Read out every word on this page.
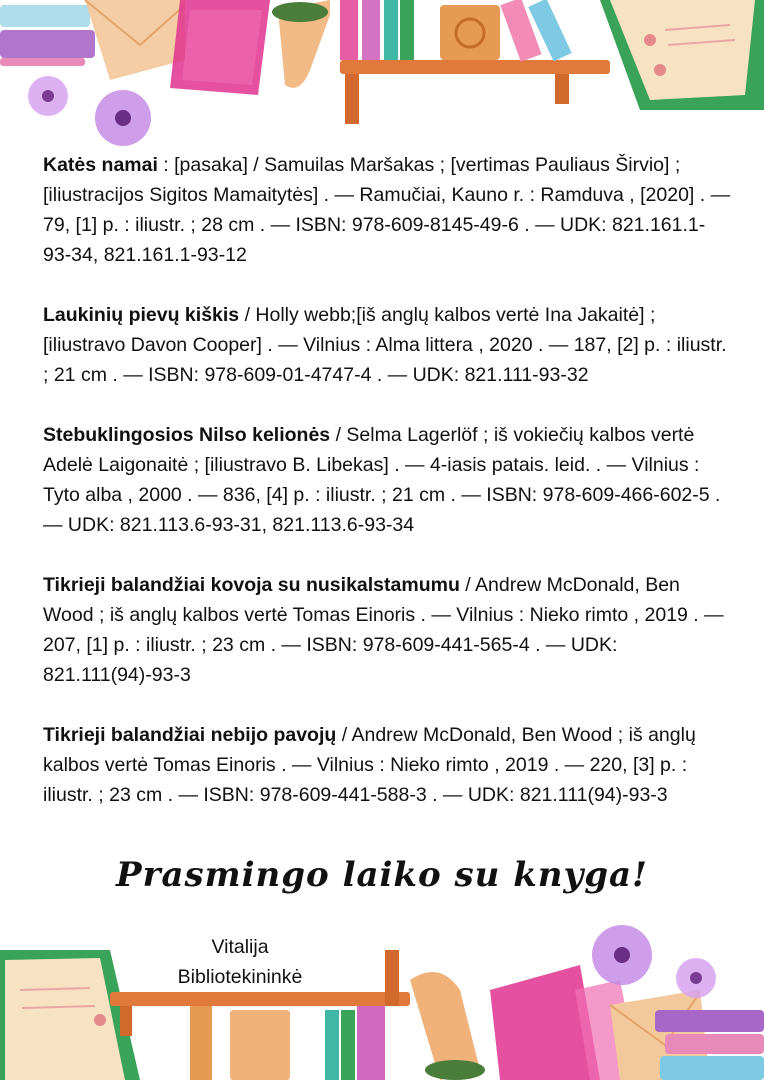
Katės namai : [pasaka] / Samuilas Maršakas ; [vertimas Pauliaus Širvio] ; [iliustracijos Sigitos Mamaitytės] . — Ramučiai, Kauno r. : Ramduva , [2020] . — 79, [1] p. : iliustr. ; 28 cm . — ISBN: 978-609-8145-49-6 . — UDK: 821.161.1-93-34, 821.161.1-93-12

Laukinių pievų kiškis / Holly webb;[iš anglų kalbos vertė Ina Jakaitė] ; [iliustravo Davon Cooper] . — Vilnius : Alma littera , 2020 . — 187, [2] p. : iliustr. ; 21 cm . — ISBN: 978-609-01-4747-4 . — UDK: 821.111-93-32

Stebuklingosios Nilso kelionės / Selma Lagerlöf ; iš vokiečių kalbos vertė Adelė Laigonaitė ; [iliustravo B. Libekas] . — 4-iasis patais. leid. . — Vilnius : Tyto alba , 2000 . — 836, [4] p. : iliustr. ; 21 cm . — ISBN: 978-609-466-602-5 . — UDK: 821.113.6-93-31, 821.113.6-93-34

Tikrieji balandžiai kovoja su nusikalstamumu / Andrew McDonald, Ben Wood ; iš anglų kalbos vertė Tomas Einoris . — Vilnius : Nieko rimto , 2019 . — 207, [1] p. : iliustr. ; 23 cm . — ISBN: 978-609-441-565-4 . — UDK: 821.111(94)-93-3

Tikrieji balandžiai nebijo pavojų / Andrew McDonald, Ben Wood ; iš anglų kalbos vertė Tomas Einoris . — Vilnius : Nieko rimto , 2019 . — 220, [3] p. : iliustr. ; 23 cm . — ISBN: 978-609-441-588-3 . — UDK: 821.111(94)-93-3

Prasmingo laiko su knyga!
Vitalija
Bibliotekininkė
